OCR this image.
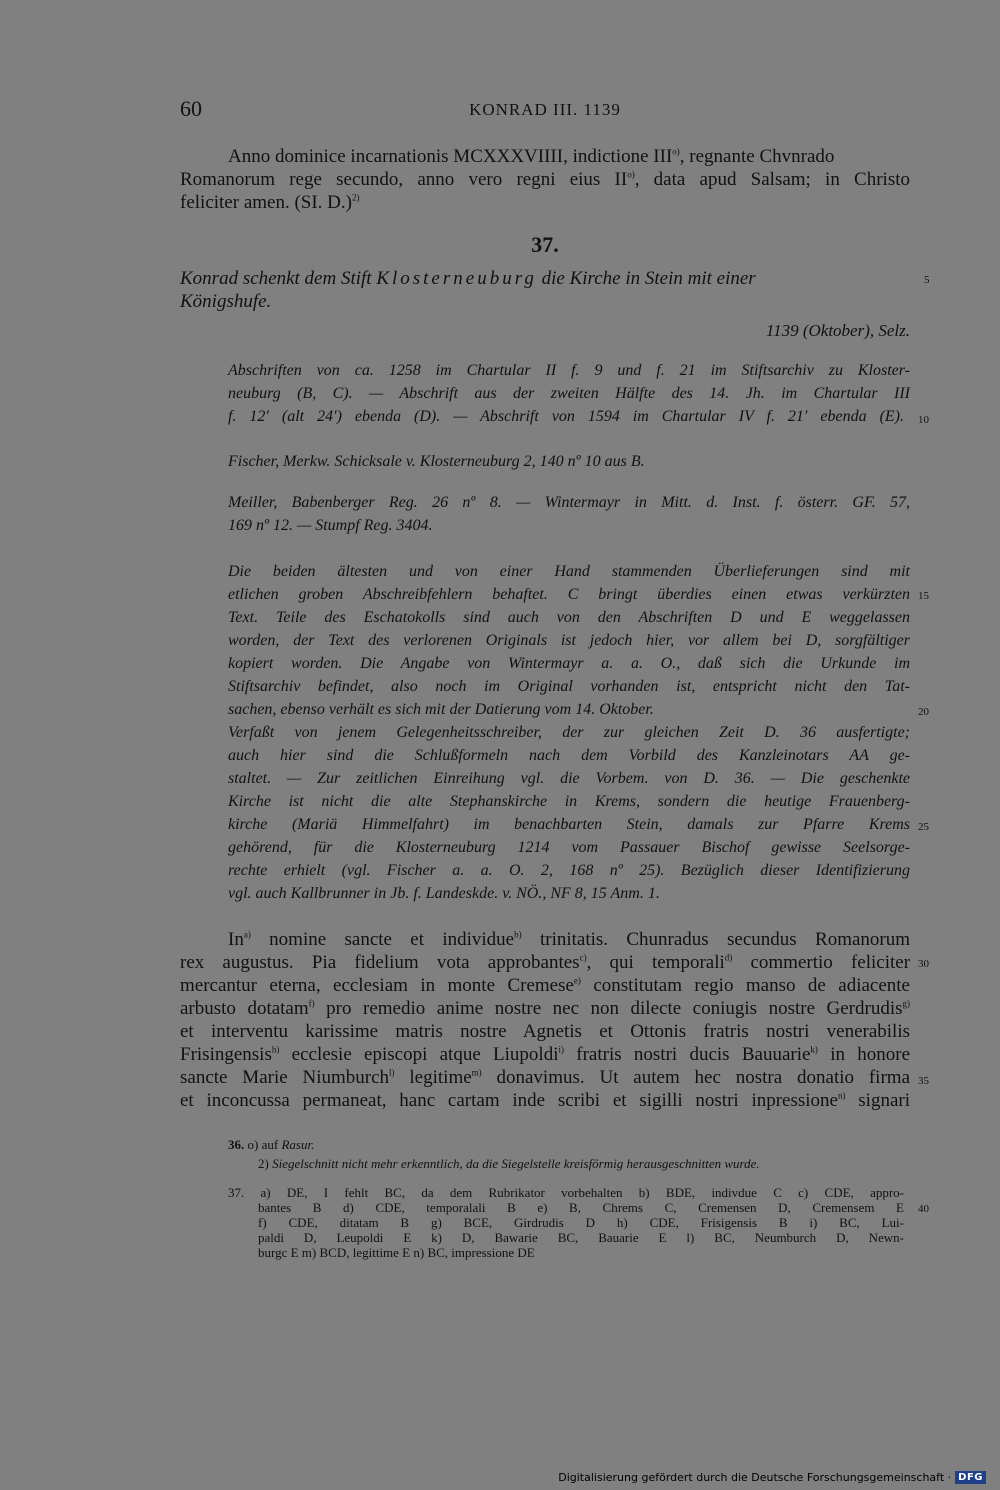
60	KONRAD III. 1139
Anno dominice incarnationis MCXXXVIIII, indictione III$^{o)}$, regnante Chvnrado
Romanorum rege secundo, anno vero regni eius II$^{o)}$, data apud Salsam; in Christo
feliciter amen. (SI. D.)$^{2)}$
37.
Konrad schenkt dem Stift Klosterneuburg die Kirche in Stein mit einer
Königshufe.
1139 (Oktober), Selz.
Abschriften von ca. 1258 im Chartular II f. 9 und f. 21 im Stiftsarchiv zu Kloster-
neuburg (B, C). — Abschrift aus der zweiten Hälfte des 14. Jh. im Chartular III
f. 12′ (alt 24′) ebenda (D). — Abschrift von 1594 im Chartular IV f. 21′ ebenda (E).
Fischer, Merkw. Schicksale v. Klosterneuburg 2, 140 nº 10 aus B.
Meiller, Babenberger Reg. 26 nº 8. — Wintermayr in Mitt. d. Inst. f. österr. GF. 57,
169 nº 12. — Stumpf Reg. 3404.
Die beiden ältesten und von einer Hand stammenden Überlieferungen sind mit
etlichen groben Abschreibfehlern behaftet. C bringt überdies einen etwas verkürzten
Text. Teile des Eschatokolls sind auch von den Abschriften D und E weggelassen
worden, der Text des verlorenen Originals ist jedoch hier, vor allem bei D, sorgfältiger
kopiert worden. Die Angabe von Wintermayr a. a. O., daß sich die Urkunde im
Stiftsarchiv befindet, also noch im Original vorhanden ist, entspricht nicht den Tat-
sachen, ebenso verhält es sich mit der Datierung vom 14. Oktober.
Verfaßt von jenem Gelegenheitsschreiber, der zur gleichen Zeit D. 36 ausfertigte;
auch hier sind die Schlußformeln nach dem Vorbild des Kanzleinotars AA ge-
staltet. — Zur zeitlichen Einreihung vgl. die Vorbem. von D. 36. — Die geschenkte
Kirche ist nicht die alte Stephanskirche in Krems, sondern die heutige Frauenberg-
kirche (Mariä Himmelfahrt) im benachbarten Stein, damals zur Pfarre Krems
gehörend, für die Klosterneuburg 1214 vom Passauer Bischof gewisse Seelsorge-
rechte erhielt (vgl. Fischer a. a. O. 2, 168 nº 25). Bezüglich dieser Identifizierung
vgl. auch Kallbrunner in Jb. f. Landeskde. v. NÖ., NF 8, 15 Anm. 1.
In$^{a)}$ nomine sancte et individue$^{b)}$ trinitatis. Chunradus secundus Romanorum
rex augustus. Pia fidelium vota approbantes$^{c)}$, qui temporali$^{d)}$ commertio feliciter
mercantur eterna, ecclesiam in monte Cremese$^{e)}$ constitutam regio manso de adiacente
arbusto dotatam$^{f)}$ pro remedio anime nostre nec non dilecte coniugis nostre Gerdrudis$^{g)}$
et interventu karissime matris nostre Agnetis et Ottonis fratris nostri venerabilis
Frisingensis$^{h)}$ ecclesie episcopi atque Liupoldi$^{i)}$ fratris nostri ducis Bauuarie$^{k)}$ in honore
sancte Marie Niumburch$^{l)}$ legitime$^{m)}$ donavimus. Ut autem hec nostra donatio firma
et inconcussa permaneat, hanc cartam inde scribi et sigilli nostri inpressione$^{n)}$ signari
5
10
15
20
25
30
35
40
36. o) auf Rasur.
2) Siegelschnitt nicht mehr erkenntlich, da die Siegelstelle kreisförmig herausgeschnitten wurde.
37. a) DE, I fehlt BC, da dem Rubrikator vorbehalten b) BDE, indivdue C c) CDE, appro-
bantes B d) CDE, temporalali B e) B, Chrems C, Cremensen D, Cremensem E
f) CDE, ditatam B g) BCE, Girdrudis D h) CDE, Frisigensis B i) BC, Lui-
paldi D, Leupoldi E k) D, Bawarie BC, Bauarie E l) BC, Neumburch D, Newn-
burgc E m) BCD, legittime E n) BC, impressione DE
Digitalisierung gefördert durch die Deutsche Forschungsgemeinschaft · DFG
